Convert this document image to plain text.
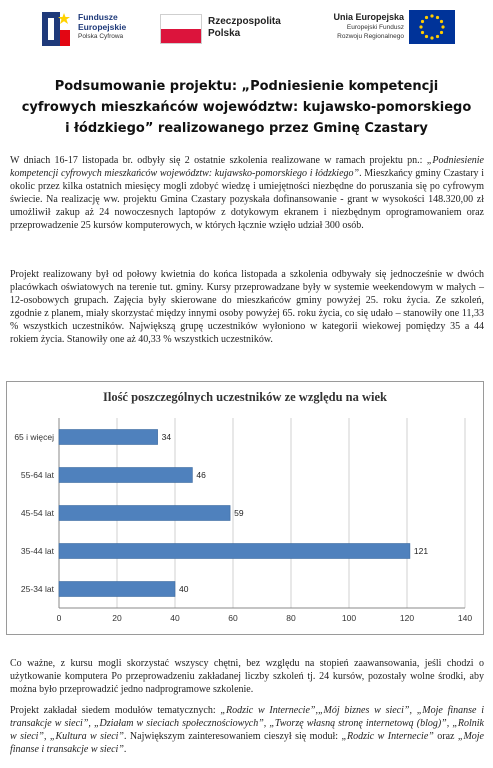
Fundusze
Europejskie
Polska Cyfrowa
Rzeczpospolita
Polska
Unia Europejska
Europejski Fundusz
Rozwoju Regionalnego
Podsumowanie projektu: „Podniesienie kompetencji cyfrowych mieszkańców województw: kujawsko-pomorskiego i łódzkiego” realizowanego przez Gminę Czastary

W dniach 16-17 listopada br. odbyły się 2 ostatnie szkolenia realizowane w ramach projektu pn.: „Podniesienie kompetencji cyfrowych mieszkańców województw: kujawsko-pomorskiego i łódzkiego”. Mieszkańcy gminy Czastary i okolic przez kilka ostatnich miesięcy mogli zdobyć wiedzę i umiejętności niezbędne do poruszania się po cyfrowym świecie. Na realizację ww. projektu Gmina Czastary pozyskała dofinansowanie - grant w wysokości 148.320,00 zł umożliwił zakup aż 24 nowoczesnych laptopów z dotykowym ekranem i niezbędnym oprogramowaniem oraz przeprowadzenie 25 kursów komputerowych, w których łącznie wzięło udział 300 osób.

Projekt realizowany był od połowy kwietnia do końca listopada a szkolenia odbywały się jednocześnie w dwóch placówkach oświatowych na terenie tut. gminy. Kursy przeprowadzane były w systemie weekendowym w małych – 12-osobowych grupach. Zajęcia były skierowane do mieszkańców gminy powyżej 25. roku życia. Ze szkoleń, zgodnie z planem, miały skorzystać między innymi osoby powyżej 65. roku życia, co się udało – stanowiły one 11,33 % wszystkich uczestników. Największą grupę uczestników wyłoniono w kategorii wiekowej pomiędzy 35 a 44 rokiem życia. Stanowiły one aż 40,33 % wszystkich uczestników.

Ilość poszczególnych uczestników ze względu na wiek
0	20	40	60	80	100	120	140
65 i więcej	34
55-64 lat	46
45-54 lat	59
35-44 lat	121
25-34 lat	40

Co ważne, z kursu mogli skorzystać wszyscy chętni, bez względu na stopień zaawansowania, jeśli chodzi o użytkowanie komputera Po przeprowadzeniu zakładanej liczby szkoleń tj. 24 kursów, pozostały wolne środki, aby można było przeprowadzić jedno nadprogramowe szkolenie.

Projekt zakładał siedem modułów tematycznych: „Rodzic w Internecie”,„Mój biznes w sieci”, „Moje finanse i transakcje w sieci”, „Działam w sieciach społecznościowych”, „Tworzę własną stronę internetową (blog)”, „Rolnik w sieci”, „Kultura w sieci”. Największym zainteresowaniem cieszył się moduł: „Rodzic w Internecie” oraz „Moje finanse i transakcje w sieci”.
